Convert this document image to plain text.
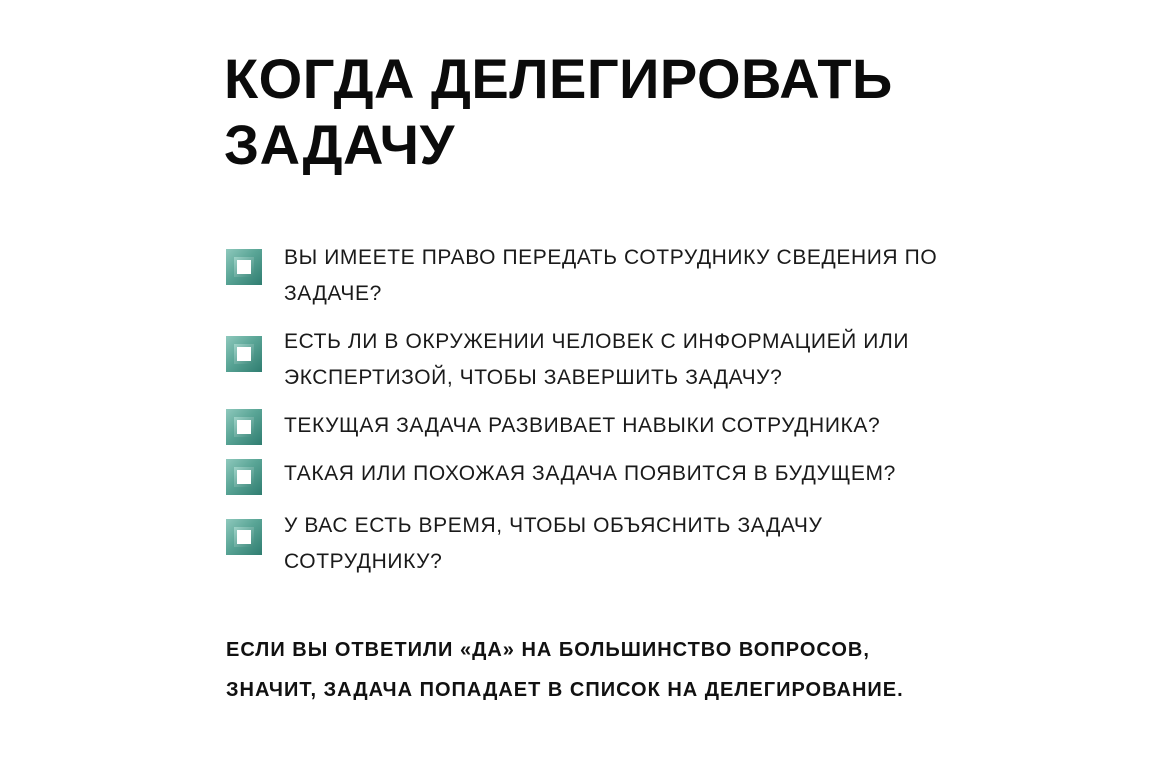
КОГДА ДЕЛЕГИРОВАТЬ
ЗАДАЧУ

ВЫ ИМЕЕТЕ ПРАВО ПЕРЕДАТЬ СОТРУДНИКУ СВЕДЕНИЯ ПО ЗАДАЧЕ?

ЕСТЬ ЛИ В ОКРУЖЕНИИ ЧЕЛОВЕК С ИНФОРМАЦИЕЙ ИЛИ ЭКСПЕРТИЗОЙ, ЧТОБЫ ЗАВЕРШИТЬ ЗАДАЧУ?

ТЕКУЩАЯ ЗАДАЧА РАЗВИВАЕТ НАВЫКИ СОТРУДНИКА?

ТАКАЯ ИЛИ ПОХОЖАЯ ЗАДАЧА ПОЯВИТСЯ В БУДУЩЕМ?

У ВАС ЕСТЬ ВРЕМЯ, ЧТОБЫ ОБЪЯСНИТЬ ЗАДАЧУ СОТРУДНИКУ?

ЕСЛИ ВЫ ОТВЕТИЛИ «ДА» НА БОЛЬШИНСТВО ВОПРОСОВ,
ЗНАЧИТ, ЗАДАЧА ПОПАДАЕТ В СПИСОК НА ДЕЛЕГИРОВАНИЕ.
